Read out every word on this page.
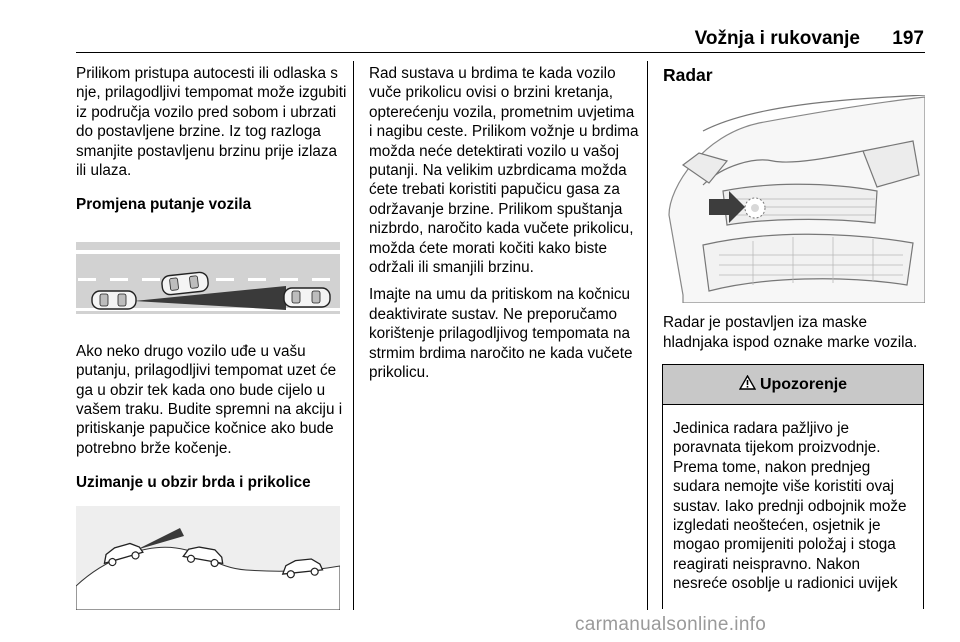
Vožnja i rukovanje	197

Prilikom pristupa autocesti ili odlaska s nje, prilagodljivi tempomat može izgubiti iz područja vozilo pred sobom i ubrzati do postavljene brzine. Iz tog razloga smanjite postavljenu brzinu prije izlaza ili ulaza.

Promjena putanje vozila

Ako neko drugo vozilo uđe u vašu putanju, prilagodljivi tempomat uzet će ga u obzir tek kada ono bude cijelo u vašem traku. Budite spremni na akciju i pritiskanje papučice kočnice ako bude potrebno brže kočenje.

Uzimanje u obzir brda i prikolice

Rad sustava u brdima te kada vozilo vuče prikolicu ovisi o brzini kretanja, opterećenju vozila, prometnim uvjetima i nagibu ceste. Prilikom vožnje u brdima možda neće detektirati vozilo u vašoj putanji. Na velikim uzbrdicama možda ćete trebati koristiti papučicu gasa za održavanje brzine. Prilikom spuštanja nizbrdo, naročito kada vučete prikolicu, možda ćete morati kočiti kako biste održali ili smanjili brzinu.

Imajte na umu da pritiskom na kočnicu deaktivirate sustav. Ne preporučamo korištenje prilagodljivog tempomata na strmim brdima naročito ne kada vučete prikolicu.

Radar

Radar je postavljen iza maske hladnjaka ispod oznake marke vozila.

Upozorenje
Jedinica radara pažljivo je poravnata tijekom proizvodnje. Prema tome, nakon prednjeg sudara nemojte više koristiti ovaj sustav. Iako prednji odbojnik može izgledati neoštećen, osjetnik je mogao promijeniti položaj i stoga reagirati neispravno. Nakon nesreće osoblje u radionici uvijek
carmanualsonline.info
